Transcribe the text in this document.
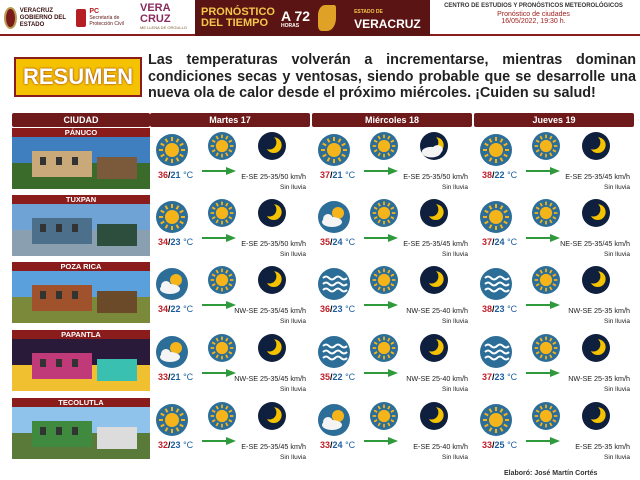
VERACRUZ GOBIERNO DEL ESTADO
PC
Secretaría de Protección Civil
VERA CRUZ
ME LLENA DE ORGULLO
PRONÓSTICO DEL TIEMPO A 72
HORAS
ESTADO DE
VERACRUZ
CENTRO DE ESTUDIOS Y PRONÓSTICOS METEOROLÓGICOS
Pronóstico de ciudades
16/05/2022, 19:30 h.
RESUMEN
Las temperaturas volverán a incrementarse, mientras dominan condiciones secas y ventosas, siendo probable que se desarrolle una nueva ola de calor desde el próximo miércoles. ¡Cuiden su salud!
CIUDAD	Martes 17	Miércoles 18	Jueves 19
PÁNUCO
36/21 °C	E-SE 25-35/50 km/h
Sin lluvia
37/21 °C	E-SE 25-35/50 km/h
Sin lluvia
38/22 °C	E-SE 25-35/45 km/h
Sin lluvia
TUXPAN
34/23 °C	E-SE 25-35/50 km/h
Sin lluvia
35/24 °C	E-SE 25-35/45 km/h
Sin lluvia
37/24 °C	NE-SE 25-35/45 km/h
Sin lluvia
POZA RICA
34/22 °C	NW-SE 25-35/45 km/h
Sin lluvia
36/23 °C	NW-SE 25-40 km/h
Sin lluvia
38/23 °C	NW-SE 25-35 km/h
Sin lluvia
PAPANTLA
33/21 °C	NW-SE 25-35/45 km/h
Sin lluvia
35/22 °C	NW-SE 25-40 km/h
Sin lluvia
37/23 °C	NW-SE 25-35 km/h
Sin lluvia
TECOLUTLA
32/23 °C	E-SE 25-35/45 km/h
Sin lluvia
33/24 °C	E-SE 25-40 km/h
Sin lluvia
33/25 °C	E-SE 25-35 km/h
Sin lluvia
Elaboró: José Martín Cortés
